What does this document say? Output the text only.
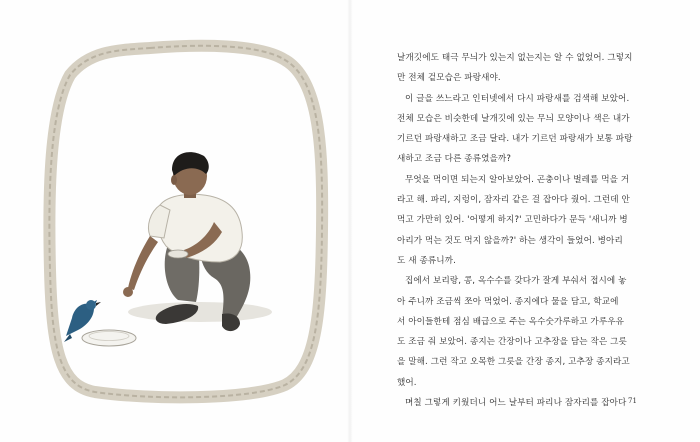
날개깃에도 태극 무늬가 있는지 없는지는 알 수 없었어. 그렇지

만 전체 겉모습은 파랑새야.

이 글을 쓰느라고 인터넷에서 다시 파랑새를 검색해 보았어.

전체 모습은 비슷한데 날개깃에 있는 무늬 모양이나 색은 내가

기르던 파랑새하고 조금 달라. 내가 기르던 파랑새가 보통 파랑

새하고 조금 다른 종류였을까?

무엇을 먹이면 되는지 알아보았어. 곤충이나 벌레를 먹을 거

라고 해. 파리, 지렁이, 잠자리 같은 걸 잡아다 줬어. 그런데 안

먹고 가만히 있어. '어떻게 하지?' 고민하다가 문득 '새니까 병

아리가 먹는 것도 먹지 않을까?' 하는 생각이 들었어. 병아리

도 새 종류니까.

집에서 보리랑, 콩, 옥수수를 갖다가 잘게 부숴서 접시에 놓

아 주니까 조금씩 쪼아 먹었어. 종지에다 물을 담고, 학교에

서 아이들한테 점심 배급으로 주는 옥수숫가루하고 가루우유

도 조금 줘 보았어. 종지는 간장이나 고추장을 담는 작은 그릇

을 말해. 그런 작고 오목한 그릇을 간장 종지, 고추장 종지라고

했어.

며칠 그렇게 키웠더니 어느 날부터 파리나 잠자리를 잡아다 71
